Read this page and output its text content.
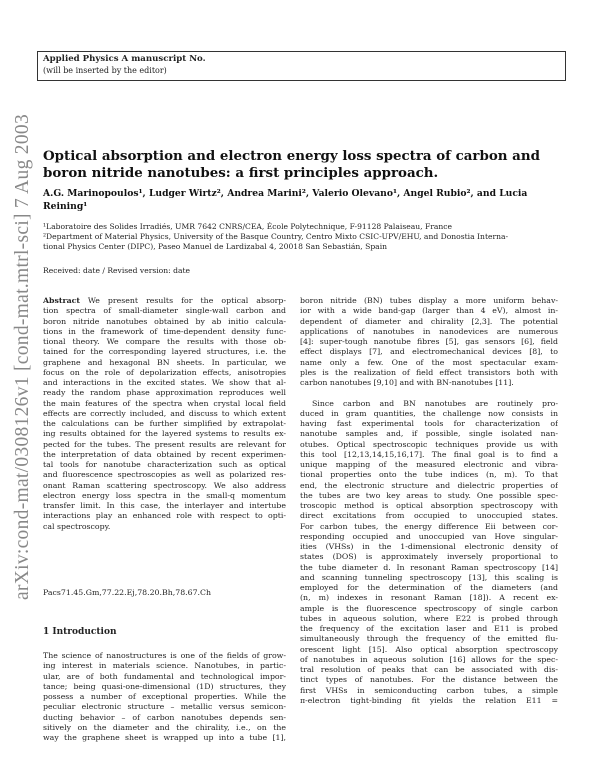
Applied Physics A manuscript No.
(will be inserted by the editor)
arXiv:cond-mat/0308126v1 [cond-mat.mtrl-sci] 7 Aug 2003 Optical absorption and electron energy loss spectra of carbon and boron nitride nanotubes: a first principles approach.
A.G. Marinopoulos¹, Ludger Wirtz², Andrea Marini², Valerio Olevano¹, Angel Rubio², and Lucia
Reining¹

¹Laboratoire des Solides Irradiés, UMR 7642 CNRS/CEA, École Polytechnique, F-91128 Palaiseau, France

²Department of Material Physics, University of the Basque Country, Centro Mixto CSIC-UPV/EHU, and Donostia Interna-

tional Physics Center (DIPC), Paseo Manuel de Lardizabal 4, 20018 San Sebastián, Spain

Received: date / Revised version: date
Abstract  We present results for the optical absorp-
tion spectra of small-diameter single-wall carbon and
boron nitride nanotubes obtained by ab initio calcula-
tions in the framework of time-dependent density func-
tional theory. We compare the results with those ob-
tained for the corresponding layered structures, i.e. the
graphene and hexagonal BN sheets. In particular, we
focus on the role of depolarization effects, anisotropies
and interactions in the excited states. We show that al-
ready the random phase approximation reproduces well
the main features of the spectra when crystal local field
effects are correctly included, and discuss to which extent
the calculations can be further simplified by extrapolat-
ing results obtained for the layered systems to results ex-
pected for the tubes. The present results are relevant for
the interpretation of data obtained by recent experimen-
tal tools for nanotube characterization such as optical
and fluorescence spectroscopies as well as polarized res-
onant Raman scattering spectroscopy. We also address
electron energy loss spectra in the small-q momentum
transfer limit. In this case, the interlayer and intertube
interactions play an enhanced role with respect to opti-
cal spectroscopy.
Pacs71.45.Gm,77.22.Ej,78.20.Bh,78.67.Ch
1 Introduction
The science of nanostructures is one of the fields of grow-
ing interest in materials science. Nanotubes, in partic-
ular, are of both fundamental and technological impor-
tance; being quasi-one-dimensional (1D) structures, they
possess a number of exceptional properties. While the
peculiar electronic structure – metallic versus semicon-
ducting behavior – of carbon nanotubes depends sen-
sitively on the diameter and the chirality, i.e., on the
way the graphene sheet is wrapped up into a tube [1],
boron nitride (BN) tubes display a more uniform behav-
ior with a wide band-gap (larger than 4 eV), almost in-
dependent of diameter and chirality [2,3]. The potential
applications of nanotubes in nanodevices are numerous
[4]: super-tough nanotube fibres [5], gas sensors [6], field
effect displays [7], and electromechanical devices [8], to
name only a few. One of the most spectacular exam-
ples is the realization of field effect transistors both with
carbon nanotubes [9,10] and with BN-nanotubes [11].
Since carbon and BN nanotubes are routinely pro-
duced in gram quantities, the challenge now consists in
having fast experimental tools for characterization of
nanotube samples and, if possible, single isolated nan-
otubes. Optical spectroscopic techniques provide us with
this tool [12,13,14,15,16,17]. The final goal is to find a
unique mapping of the measured electronic and vibra-
tional properties onto the tube indices (n, m). To that
end, the electronic structure and dielectric properties of
the tubes are two key areas to study. One possible spec-
troscopic method is optical absorption spectroscopy with
direct excitations from occupied to unoccupied states.
For carbon tubes, the energy difference Eii between cor-
responding occupied and unoccupied van Hove singular-
ities (VHSs) in the 1-dimensional electronic density of
states (DOS) is approximately inversely proportional to
the tube diameter d. In resonant Raman spectroscopy [14]
and scanning tunneling spectroscopy [13], this scaling is
employed for the determination of the diameters (and
(n, m) indexes in resonant Raman [18]). A recent ex-
ample is the fluorescence spectroscopy of single carbon
tubes in aqueous solution, where E22 is probed through
the frequency of the excitation laser and E11 is probed
simultaneously through the frequency of the emitted flu-
orescent light [15]. Also optical absorption spectroscopy
of nanotubes in aqueous solution [16] allows for the spec-
tral resolution of peaks that can be associated with dis-
tinct types of nanotubes. For the distance between the
first VHSs in semiconducting carbon tubes, a simple
π-electron tight-binding fit yields the relation E11 =
